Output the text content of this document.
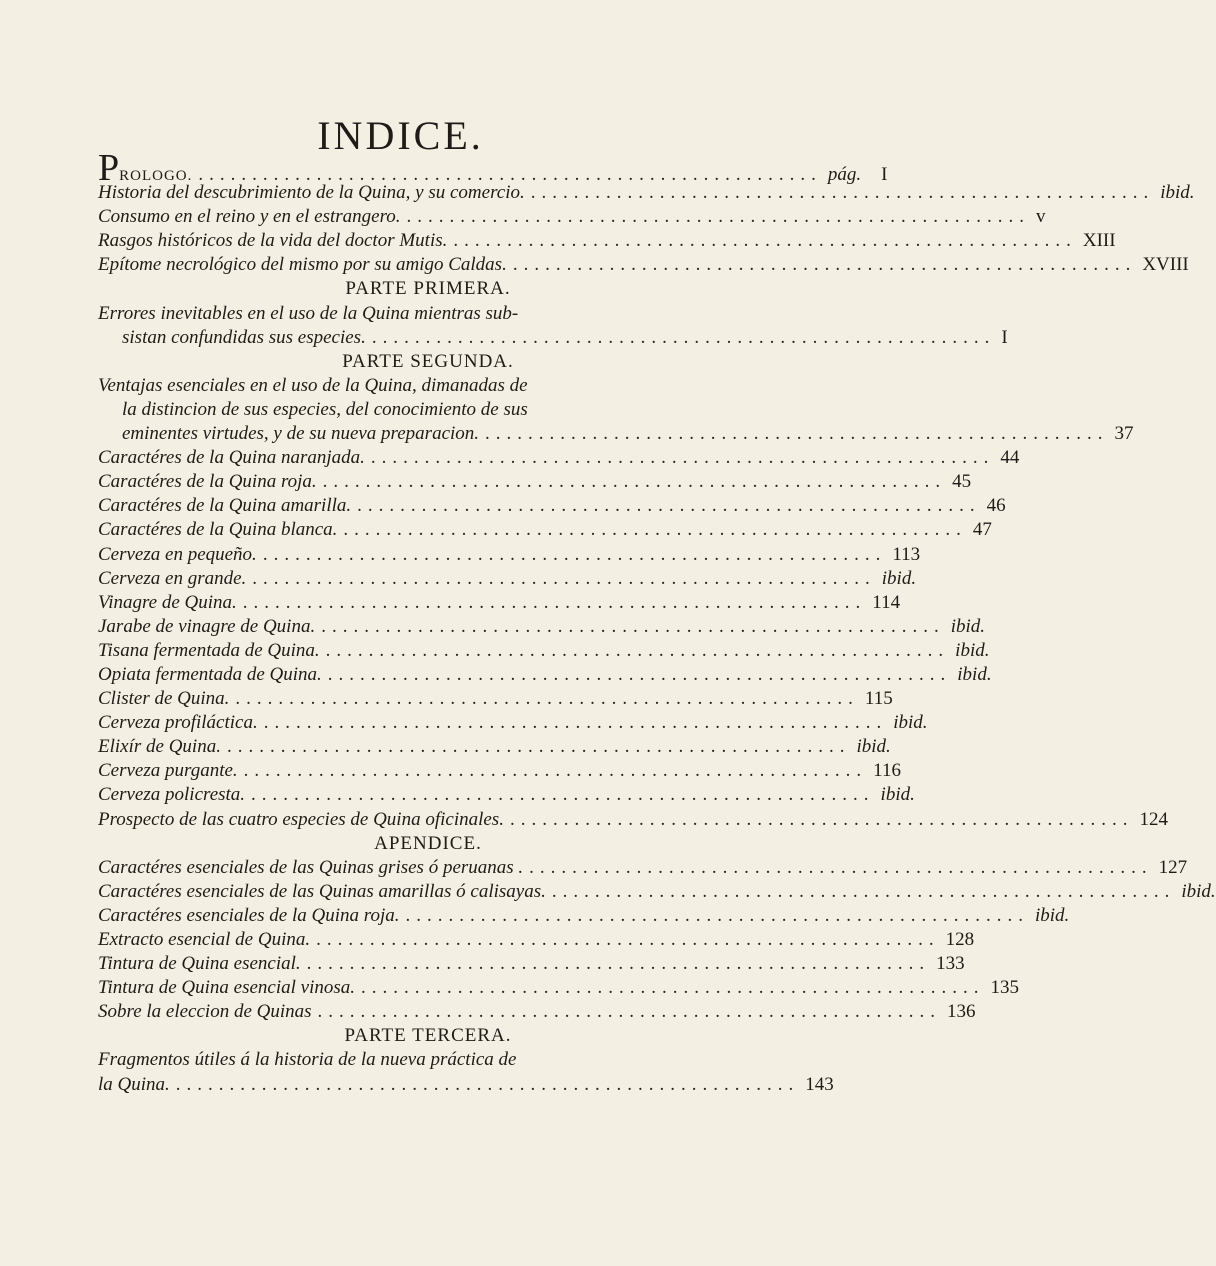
INDICE.
PROLOGO. .......................................................... pág. I
Historia del descubrimiento de la Quina, y su comercio. .......................................................... ibid.
Consumo en el reino y en el estrangero. .......................................................... v
Rasgos históricos de la vida del doctor Mutis. .......................................................... XIII
Epítome necrológico del mismo por su amigo Caldas. .......................................................... XVIII
PARTE PRIMERA.
Errores inevitables en el uso de la Quina mientras sub-
sistan confundidas sus especies. .......................................................... I
PARTE SEGUNDA.
Ventajas esenciales en el uso de la Quina, dimanadas de
la distincion de sus especies, del conocimiento de sus
eminentes virtudes, y de su nueva preparacion. .......................................................... 37
Caractéres de la Quina naranjada. .......................................................... 44
Caractéres de la Quina roja. .......................................................... 45
Caractéres de la Quina amarilla. .......................................................... 46
Caractéres de la Quina blanca. .......................................................... 47
Cerveza en pequeño. .......................................................... 113
Cerveza en grande. .......................................................... ibid.
Vinagre de Quina. .......................................................... 114
Jarabe de vinagre de Quina. .......................................................... ibid.
Tisana fermentada de Quina. .......................................................... ibid.
Opiata fermentada de Quina. .......................................................... ibid.
Clister de Quina. .......................................................... 115
Cerveza profiláctica. .......................................................... ibid.
Elixír de Quina. .......................................................... ibid.
Cerveza purgante. .......................................................... 116
Cerveza policresta. .......................................................... ibid.
Prospecto de las cuatro especies de Quina oficinales. .......................................................... 124
APENDICE.
Caractéres esenciales de las Quinas grises ó peruanas . .......................................................... 127
Caractéres esenciales de las Quinas amarillas ó calisayas. .......................................................... ibid.
Caractéres esenciales de la Quina roja. .......................................................... ibid.
Extracto esencial de Quina. .......................................................... 128
Tintura de Quina esencial. .......................................................... 133
Tintura de Quina esencial vinosa. .......................................................... 135
Sobre la eleccion de Quinas .......................................................... 136
PARTE TERCERA.
Fragmentos útiles á la historia de la nueva práctica de
la Quina. .......................................................... 143
